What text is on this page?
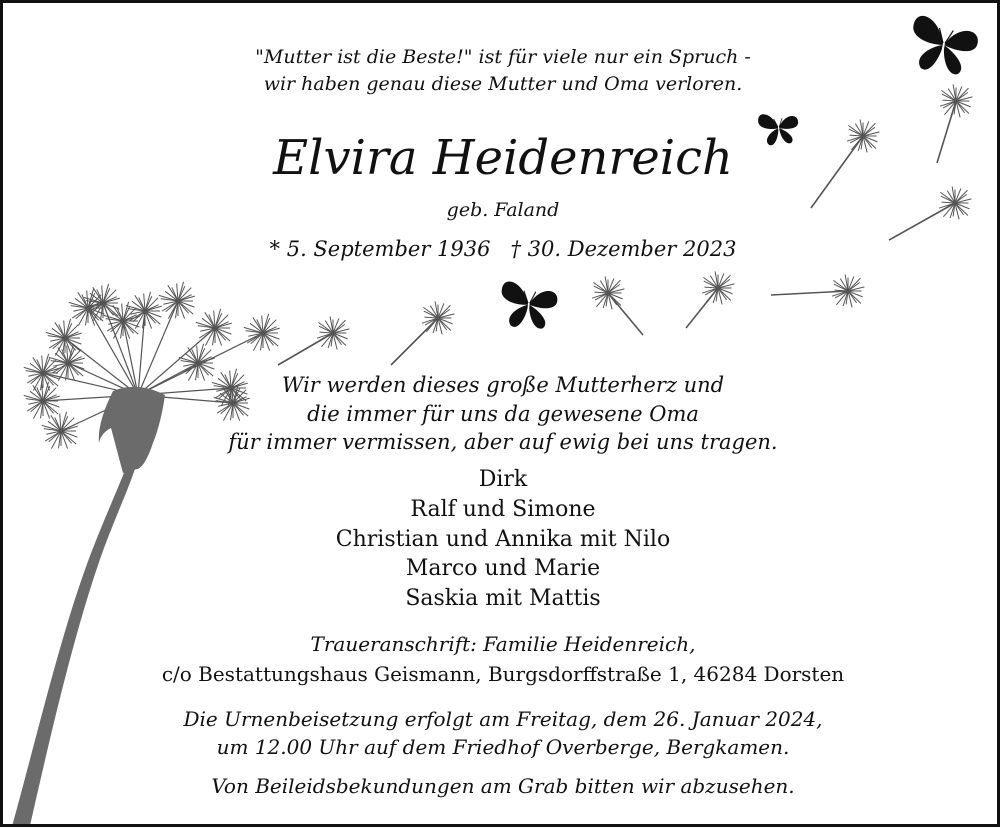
"Mutter ist die Beste!" ist für viele nur ein Spruch -
wir haben genau diese Mutter und Oma verloren.
Elvira Heidenreich
geb. Faland
* 5. September 1936   † 30. Dezember 2023
Wir werden dieses große Mutterherz und
die immer für uns da gewesene Oma
für immer vermissen, aber auf ewig bei uns tragen.
Dirk
Ralf und Simone
Christian und Annika mit Nilo
Marco und Marie
Saskia mit Mattis
Traueranschrift: Familie Heidenreich,
c/o Bestattungshaus Geismann, Burgsdorffstraße 1, 46284 Dorsten
Die Urnenbeisetzung erfolgt am Freitag, dem 26. Januar 2024,
um 12.00 Uhr auf dem Friedhof Overberge, Bergkamen.
Von Beileidsbekundungen am Grab bitten wir abzusehen.
